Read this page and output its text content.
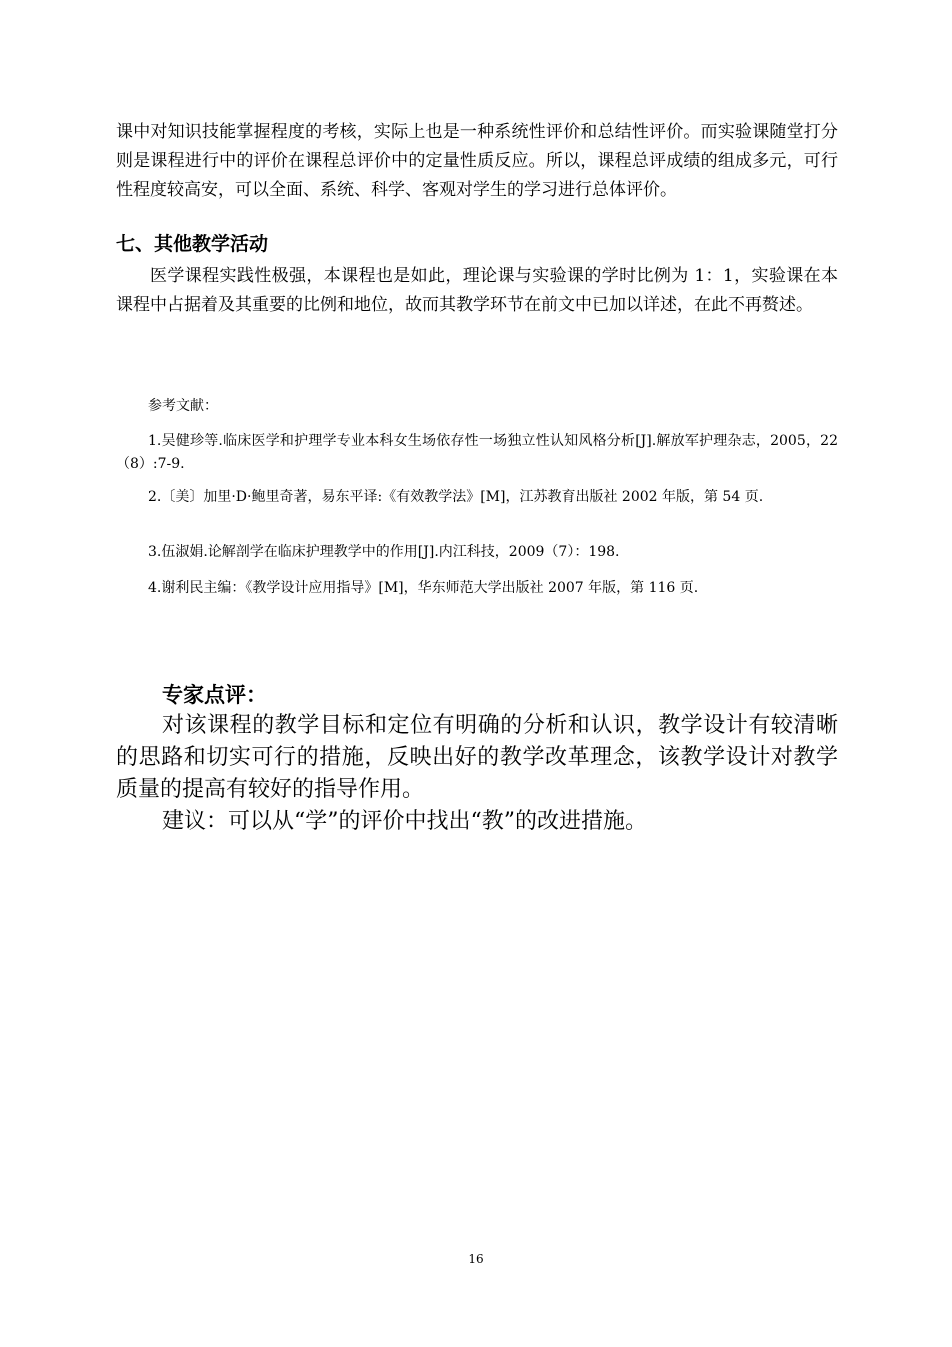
课中对知识技能掌握程度的考核，实际上也是一种系统性评价和总结性评价。而实验课随堂打分则是课程进行中的评价在课程总评价中的定量性质反应。所以，课程总评成绩的组成多元，可行性程度较高安，可以全面、系统、科学、客观对学生的学习进行总体评价。

七、其他教学活动

医学课程实践性极强，本课程也是如此，理论课与实验课的学时比例为 1：1，实验课在本课程中占据着及其重要的比例和地位，故而其教学环节在前文中已加以详述，在此不再赘述。

参考文献：

1.吴健珍等.临床医学和护理学专业本科女生场依存性一场独立性认知风格分析[J].解放军护理杂志，2005，22（8）:7-9.

2.〔美〕加里·D·鲍里奇著，易东平译:《有效教学法》[M]，江苏教育出版社 2002 年版，第 54 页.

3.伍淑娟.论解剖学在临床护理教学中的作用[J].内江科技，2009（7）：198.

4.谢利民主编：《教学设计应用指导》[M]，华东师范大学出版社 2007 年版，第 116 页.

专家点评：

对该课程的教学目标和定位有明确的分析和认识，教学设计有较清晰的思路和切实可行的措施，反映出好的教学改革理念，该教学设计对教学质量的提高有较好的指导作用。

建议：可以从“学”的评价中找出“教”的改进措施。

16
